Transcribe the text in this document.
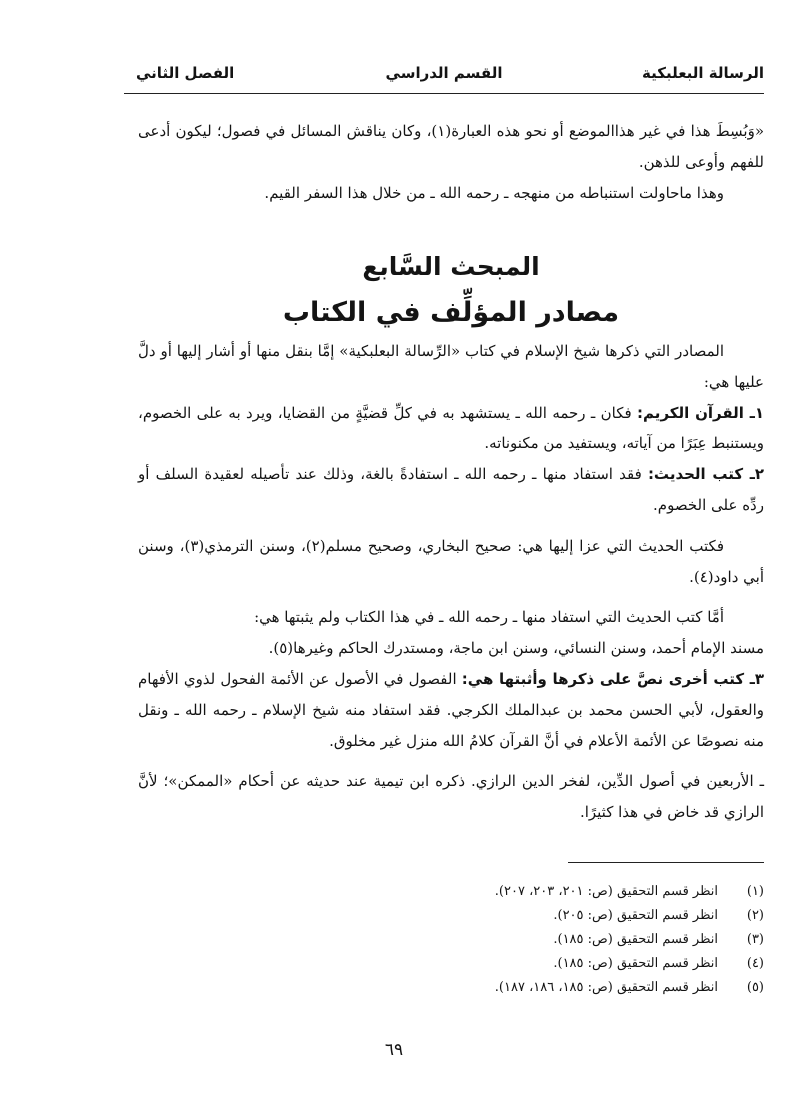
الرسالة البعلبكية
القسم الدراسي
الفصل الثاني

«وَبُسِطَ هذا في غير هذاالموضع أو نحو هذه العبارة(١)، وكان يناقش المسائل في فصول؛ ليكون أدعى للفهم وأوعى للذهن.

وهذا ماحاولت استنباطه من منهجه ـ رحمه الله ـ من خلال هذا السفر القيم.

المبحث السَّابع
مصادر المؤلِّف في الكتاب

المصادر التي ذكرها شيخ الإسلام في كتاب «الرِّسالة البعلبكية» إمَّا بنقل منها أو أشار إليها أو دلَّ عليها هي:

١ـ القرآن الكريم: فكان ـ رحمه الله ـ يستشهد به في كلِّ قضيَّةٍ من القضايا، ويرد به على الخصوم، ويستنبط عِبَرًا من آياته، ويستفيد من مكنوناته.

٢ـ كتب الحديث: فقد استفاد منها ـ رحمه الله ـ استفادةً بالغة، وذلك عند تأصيله لعقيدة السلف أو ردِّه على الخصوم.

فكتب الحديث التي عزا إليها هي: صحيح البخاري، وصحيح مسلم(٢)، وسنن الترمذي(٣)، وسنن أبي داود(٤).

أمَّا كتب الحديث التي استفاد منها ـ رحمه الله ـ في هذا الكتاب ولم يثبتها هي:

مسند الإمام أحمد، وسنن النسائي، وسنن ابن ماجة، ومستدرك الحاكم وغيرها(٥).

٣ـ كتب أخرى نصَّ على ذكرها وأثبتها هي: الفصول في الأصول عن الأئمة الفحول لذوي الأفهام والعقول، لأبي الحسن محمد بن عبدالملك الكرجي. فقد استفاد منه شيخ الإسلام ـ رحمه الله ـ ونقل منه نصوصًا عن الأئمة الأعلام في أنَّ القرآن كلامُ الله منزل غير مخلوق.

ـ الأربعين في أصول الدِّين، لفخر الدين الرازي. ذكره ابن تيمية عند حديثه عن أحكام «الممكن»؛ لأنَّ الرازي قد خاض في هذا كثيرًا.

(١)
انظر قسم التحقيق (ص: ٢٠١، ٢٠٣، ٢٠٧).
(٢)
انظر قسم التحقيق (ص: ٢٠٥).
(٣)
انظر قسم التحقيق (ص: ١٨٥).
(٤)
انظر قسم التحقيق (ص: ١٨٥).
(٥)
انظر قسم التحقيق (ص: ١٨٥، ١٨٦، ١٨٧).
٦٩
